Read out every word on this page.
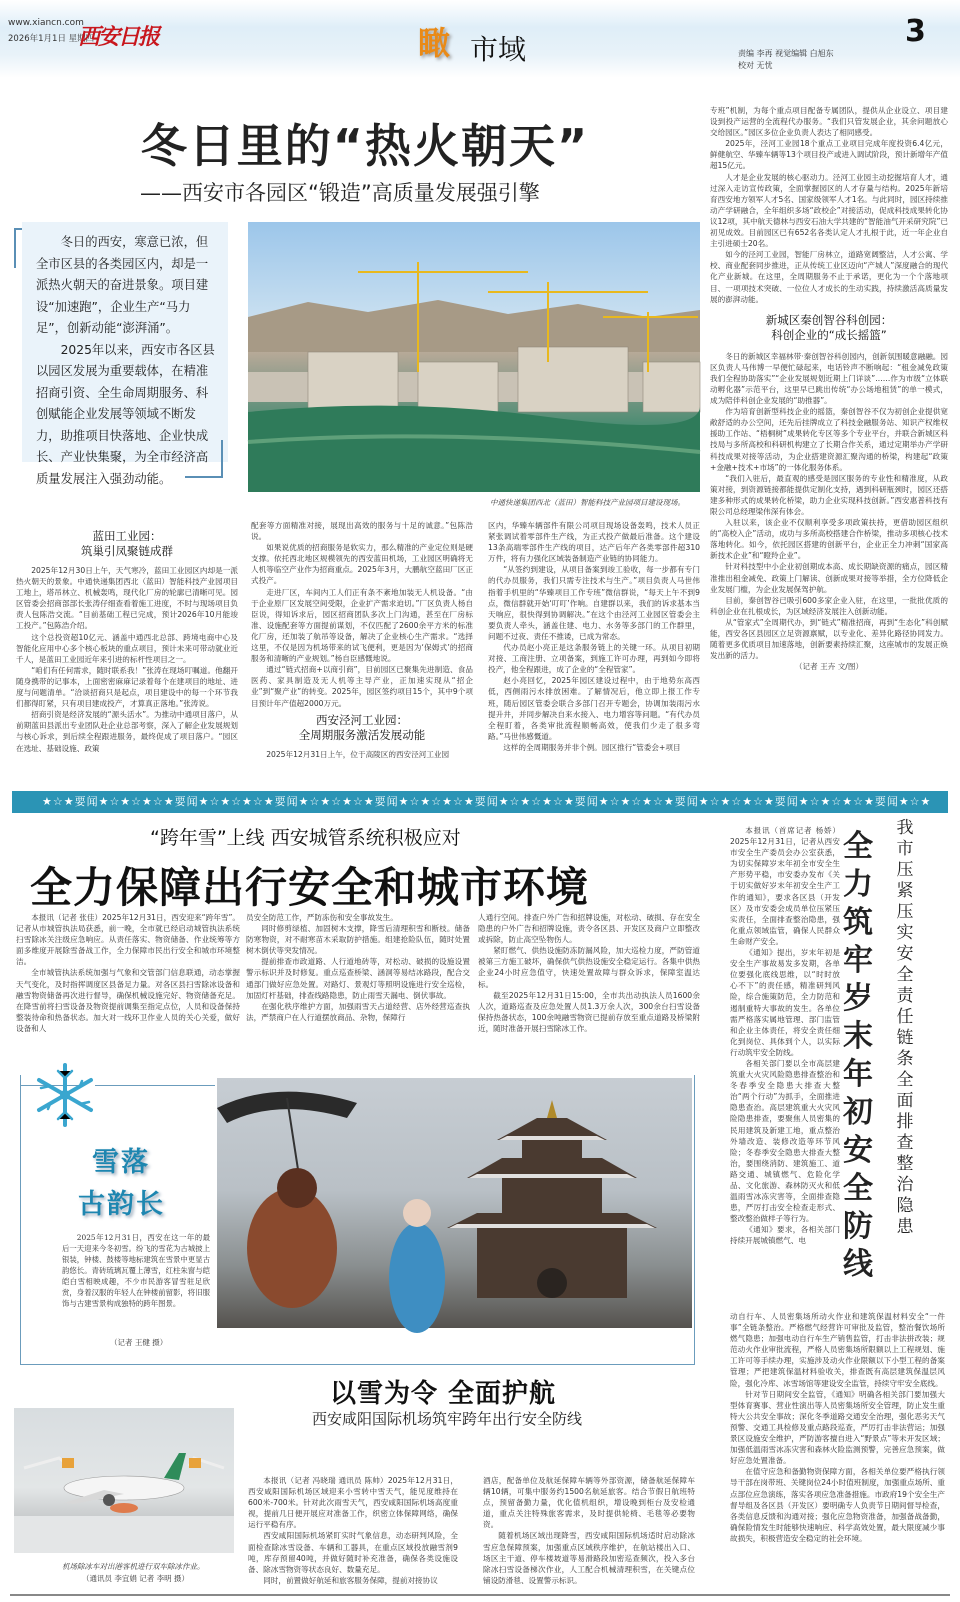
www.xiancn.com
2026年1月1日 星期四
西安日报	瞰 市域	责编 李再 视觉编辑 白旭东
校对 无忧
3
冬日里的“热火朝天”
——西安市各园区“锻造”高质量发展强引擎

冬日的西安，寒意已浓，但全市区县的各类园区内，却是一派热火朝天的奋进景象。项目建设“加速跑”，企业生产“马力足”，创新动能“澎湃涌”。

2025年以来，西安市各区县以园区发展为重要载体，在精准招商引资、全生命周期服务、科创赋能企业发展等领域不断发力，助推项目快落地、企业快成长、产业快集聚，为全市经济高质量发展注入强劲动能。

中通快递集团西北（蓝田）智能科技产业园项目建设现场。
蓝田工业园：
筑巢引凤聚链成群

2025年12月30日上午，天气寒冷，蓝田工业园区内却是一派热火朝天的景象。中通快递集团西北（蓝田）智能科技产业园项目工地上，塔吊林立、机械轰鸣，现代化厂房的轮廓已清晰可见。园区管委会招商部部长张涛仔细查看着施工进度，不时与现场项目负责人包陈浩交流。“目前基础工程已完成，预计2026年10月能竣工投产。”包陈浩介绍。

这个总投资超10亿元、涵盖中通西北总部、跨境电商中心及智能化应用中心多个核心板块的重点项目，预计未来可带动就业近千人，是蓝田工业园近年来引进的标杆性项目之一。

“咱们有任何需求，随时联系我！”张涛在现场叮嘱道。他翻开随身携带的记事本，上面密密麻麻记录着每个在建项目的地址、进度与问题清单。“洽谈招商只是起点，项目建设中的每一个环节我们都得盯紧，只有项目建成投产，才算真正落地。”张涛说。

招商引资是经济发展的“源头活水”。为推动中通项目落户，从前期蓝田县派出专业团队赴企业总部考察，深入了解企业发展规划与核心诉求，到后续全程跟进服务，最终促成了项目落户。“园区在选址、基础设施、政策

配套等方面精准对接，展现出高效的服务与十足的诚意。”包陈浩说。

如果说优质的招商服务是软实力，那么精准的产业定位则是硬支撑。依托西北地区规模领先的西安蓝田机场，工业园区明确将无人机等临空产业作为招商重点。2025年3月，大鹏航空蓝田厂区正式投产。

走进厂区，车间内工人们正有条不紊地加装无人机设备。“由于企业原厂区发展空间受限，企业扩产需求迫切。”厂区负责人杨自臣说，得知诉求后，园区招商团队多次上门沟通，甚至在厂房标准、设施配套等方面提前谋划，不仅匹配了2600余平方米的标准化厂房，还加装了航吊等设备，解决了企业核心生产需求。“选择这里，不仅是因为机场带来的试飞便利，更是因为‘保姆式’的招商服务和清晰的产业规划。”杨自臣感慨地说。

通过“链式招商+以商引商”，目前园区已聚集先进制造、食品医药、家具制造及无人机等主导产业，正加速实现从“招企业”到“聚产业”的转变。2025年，园区签约项目15个，其中9个项目预计年产值超2000万元。

西安泾河工业园：
全周期服务激活发展动能

2025年12月31日上午，位于高陵区的西安泾河工业园

区内，华臻车辆部件有限公司项目现场设备轰鸣，技术人员正紧张调试着零部件生产线，为正式投产做最后准备。这个建设13条高端零部件生产线的项目，达产后年产各类零部件超310万件，将有力强化区域装备制造产业链的协同能力。

“从签约到建设，从项目备案到竣工验收，每一步都有专门的代办员服务，我们只需专注技术与生产。”项目负责人马世伟指着手机里的“华臻项目工作专班”微信群说，“每天上午不到9点，微信群就开始‘叮叮’作响。自建群以来，我们的诉求基本当天响应，很快得到协调解决。”在这个由泾河工业园区管委会主要负责人牵头，涵盖住建、电力、水务等多部门的工作群里，问题不过夜、责任不推诿，已成为常态。

代办员赵小亮正是这条服务链上的关键一环。从项目初期对接、工商注册、立项备案，到施工许可办理，再到如今即将投产，他全程跟进，成了企业的“全程管家”。

赵小亮回忆，2025年园区建设过程中，由于地势东高西低，西侧雨污水排放困难。了解情况后，他立即上报工作专班，随后园区管委会联合多部门召开专题会，协调加装雨污水提升井，并同步解决自来水接入、电力增容等问题。“有代办员全程盯着，各类审批流程顺畅高效，使我们少走了很多弯路。”马世伟感慨道。

这样的全周期服务并非个例。园区推行“管委会+项目

专班”机制，为每个重点项目配备专属团队，提供从企业设立、项目建设到投产运营的全流程代办服务。“我们只管发展企业，其余问题放心交给园区。”园区多位企业负责人表达了相同感受。

2025年，泾河工业园18个重点工业项目完成年度投资6.4亿元，鲜健航空、华臻车辆等13个项目投产或进入调试阶段，预计新增年产值超15亿元。

人才是企业发展的核心驱动力。泾河工业园主动挖掘培育人才，通过深入走访宣传政策，全面掌握园区的人才存量与结构。2025年新培育西安地方领军人才5名、国家级领军人才1名。与此同时，园区持续推动产学研融合，全年组织多场“政校企”对接活动，促成科技成果转化协议12项，其中航天德林与西安石油大学共建的“智能油气开采研究院”已初见成效。目前园区已有652名各类认定人才扎根于此，近一年企业自主引进硕士20名。

如今的泾河工业园，智能厂房林立，道路宽阔整洁，人才公寓、学校、商业配套同步推进，正从传统工业区迈向“产城人”深度融合的现代化产业新城。在这里，全周期服务不止于承诺，更化为一个个落地项目、一项项技术突破、一位位人才成长的生动实践，持续激活高质量发展的澎湃动能。

新城区秦创智谷科创园：
科创企业的“成长摇篮”

冬日的新城区幸福林带·秦创智谷科创园内，创新氛围暖意融融。园区负责人马伟博一早便忙碌起来，电话铃声不断响起：“租金减免政策我们全程协助落实”“企业发展规划近期上门详谈”……作为市级“立体联动孵化器”示范平台，这里早已跳出传统“办公场地租赁”的单一模式，成为陪伴科创企业发展的“助推器”。

作为培育创新型科技企业的摇篮，秦创智谷不仅为初创企业提供宽敞舒适的办公空间，还先后挂牌成立了科技金融服务站、知识产权维权援助工作站、“梧桐树”成果转化专区等多个专业平台，并联合新城区科技局与多所高校和科研机构建立了长期合作关系，通过定期举办产学研科技成果对接等活动，为企业搭建资源汇聚沟通的桥梁，构建起“政策+金融+技术+市场”的一体化服务体系。

“我们入驻后，最直观的感受是园区服务的专业性和精准度，从政策对接，到资源链接都能提供定制化支持，遇到科研瓶颈时，园区还搭建多种形式的成果转化桥梁，助力企业实现科技创新。”西安惠普科技有限公司总经理梁伟深有体会。

入驻以来，该企业不仅顺利享受多项政策扶持，更借助园区组织的“高校入企”活动，成功与多所高校搭建合作桥梁，推动多项核心技术落地转化。如今，依托园区搭建的创新平台，企业正全力冲刺“国家高新技术企业”和“瞪羚企业”。

针对科技型中小企业初创期成本高、成长期缺资源的痛点，园区精准推出租金减免、政策上门解读、创新成果对接等举措，全方位降低企业发展门槛，为企业发展保驾护航。

目前，秦创智谷已吸引600多家企业入驻，在这里，一批批优质的科创企业在扎根成长，为区域经济发展注入创新动能。

从“管家式”全周期代办，到“链式”精准招商，再到“生态化”科创赋能，西安各区县园区立足资源禀赋，以专业化、差异化路径协同发力。随着更多优质项目加速落地，创新要素持续汇聚，这座城市的发展正焕发出新的活力。

（记者 王卉 文/图）
★☆★要闻★☆★☆★☆★要闻★☆★☆★☆★要闻★☆★☆★☆★要闻★☆★☆★☆★要闻★☆★☆★☆★要闻★☆★☆★☆★要闻★☆★☆★☆★要闻★☆★☆★☆★要闻★☆★
“跨年雪”上线 西安城管系统积极应对
全力保障出行安全和城市环境

本报讯（记者 张佳）2025年12月31日，西安迎来“跨年雪”。记者从市城管执法局获悉，前一晚，全市就已经启动城管执法系统扫雪除冰关注级应急响应。从责任落实、物资储备、作业统筹等方面多维度开展除雪备战工作，全力保障市民出行安全和城市环境整洁。

全市城管执法系统加强与气象和交管部门信息联通，动态掌握天气变化，及时指挥调度区县备足力量。对各区县扫雪除冰设备和融雪物资储备再次进行督导，确保机械设施完好、物资储备充足。在降雪前将扫雪设备及物资提前调集至指定点位，人员和设备保持整装待命和热备状态。加大对一线环卫作业人员的关心关爱，做好设备和人

员安全防范工作，严防冻伤和安全事故发生。

同时修剪绿植、加固树木支撑，降雪后清理积雪和断枝。储备防寒物资，对不耐寒苗木采取防护措施。组建抢险队伍，随时处置树木倒伏等突发情况。

提前排查市政道路、人行道地砖等，对松动、破损的设施设置警示标识并及时修复。重点巡查桥梁、涵洞等易结冰路段，配合交通部门做好应急处置。对路灯、景观灯等照明设施进行安全巡检，加固灯杆基础，排查线路隐患，防止雨雪天漏电、倒伏事故。

在强化秩序维护方面，加强雨雪天占道经营、店外经营巡查执法，严禁商户在人行道摆放商品、杂物，保障行

人通行空间。排查户外广告和招牌设施，对松动、破损、存在安全隐患的户外广告和招牌设施，责令各区县、开发区及商户立即整改或拆除，防止高空坠物伤人。

紧盯燃气、供热设施防冻防漏风险，加大巡检力度，严防管道被第三方施工破坏，确保供气供热设施安全稳定运行。各集中供热企业24小时应急值守，快速处置故障与群众诉求，保障室温达标。

截至2025年12月31日15:00，全市共出动执法人员1600余人次，道路巡查及应急处置人员1.3万余人次，300余台扫雪设备保持热备状态，100余吨融雪物资已提前存放至重点道路及桥梁附近，随时准备开展扫雪除冰工作。

雪落
古韵长

2025年12月31日，西安在这一年的最后一天迎来今冬初雪。纷飞的雪花为古城披上银装，钟楼、鼓楼等地标建筑在雪景中更显古韵悠长。青砖琉璃瓦覆上薄雪，红柱朱窗与皑皑白雪相映成趣，不少市民游客冒雪驻足欣赏，身着汉服的年轻人在钟楼前留影，将旧服饰与古建雪景构成独特的跨年图景。

（记者 王健 摄）
机场除冰车对出港客机进行双车除冰作业。
（通讯员 李宜娟 记者 李明 摄）
以雪为令 全面护航
西安咸阳国际机场筑牢跨年出行安全防线

本报讯（记者 冯晓瑞 通讯员 陈帅）2025年12月31日，西安咸阳国际机场区域迎来小雪转中雪天气，能见度维持在600米-700米。针对此次雨雪天气，西安咸阳国际机场高度重视，提前几日便开展应对准备工作，织密立体保障网络，确保运行平稳有序。

西安咸阳国际机场紧盯实时气象信息，动态研判风险，全面检查除冰雪设备、车辆和工器具，在重点区域投放融雪剂9吨，库存预留40吨，并做好随时补充准备，确保各类设施设备、除冰雪物资等状态良好、数量充足。

同时，前置做好航延和旅客服务保障，提前对接协议

酒店，配备单位及航延保障车辆等外部资源，储备航延保障车辆10辆，可集中服务约1500名航延旅客。结合节假日航班特点，预留备勤力量，优化值机组织，增设晚到柜台及安检通道，重点关注特殊旅客需求，及时提供轮椅、毛毯等必要物资。

随着机场区域出现降雪，西安咸阳国际机场适时启动除冰雪应急保障预案，加强重点区域秩序维护，在航站楼出入口、场区主干道、停车楼坡道等易滑路段加密巡查频次，投入多台除冰扫雪设备梯次作业，人工配合机械清理积雪，在关键点位铺设防滑毯、设置警示标识。

我市压紧压实安全责任链条 全面排查整治隐患
全力筑牢岁末年初安全防线

本报讯（首席记者 杨娇）2025年12月31日，记者从西安市安全生产委员会办公室获悉，为切实保障岁末年初全市安全生产形势平稳，市安委办发布《关于切实做好岁末年初安全生产工作的通知》，要求各区县（开发区）及市安委会成员单位压紧压实责任，全面排查整治隐患，强化重点领域监管，确保人民群众生命财产安全。

《通知》提出，岁末年初是安全生产事故易发多发期，各单位要强化底线思维，以“时时放心不下”的责任感，精准研判风险，综合施策防范，全力防范和遏制重特大事故的发生。各单位需严格落实属地管理、部门监管和企业主体责任，将安全责任细化到岗位、具体到个人，以实际行动筑牢安全防线。

各相关部门要以全市高层建筑重大火灾风险隐患排查整治和冬春季安全隐患大排查大整治“两个行动”为抓手，全面推进隐患查治。高层建筑重大火灾风险隐患排查，要聚焦人员密集的民用建筑及新建工地，重点整治外墙改造、装修改造等环节风险；冬春季安全隐患大排查大整治，要围绕消防、建筑施工、道路交通、城镇燃气、危险化学品、文化旅游、森林防灭火和低温雨雪冰冻灾害等，全面排查隐患，严厉打击安全检查走形式、整改整治做样子等行为。

《通知》要求，各相关部门持续开展城镇燃气、电

动自行车、人员密集场所动火作业和建筑保温材料安全“一件事”全链条整治。严格燃气经营许可审批及监管，整治餐饮场所燃气隐患；加强电动自行车生产销售监管，打击非法拼改装；规范动火作业审批流程，严格人员密集场所限额以上工程规划、施工许可等手续办理，实施涉及动火作业限额以下小型工程的备案管理；严把建筑保温材料验收关，排查既有高层建筑保温层风险，强化冷库、冰雪场馆等建设安全监管，持续守牢安全底线。

针对节日期间安全监管，《通知》明确各相关部门要加强大型体育赛事、营业性演出等人员密集场所安全管理，防止发生重特大公共安全事故；深化冬季道路交通安全治理，强化恶劣天气预警、交通工具检修及重点路段巡查，严厉打击非法营运；加强景区设施安全维护，严防游客擅自进入“野景点”等未开发区域；加强低温雨雪冰冻灾害和森林火险监测预警，完善应急预案，做好应急处置准备。

在值守应急和备勤物资保障方面，各相关单位要严格执行领导干部在岗带班、关键岗位24小时值班制度，加强重点场所、重点部位应急演练，落实各项应急准备措施。市政府19个安全生产督导组及各区县（开发区）要明确专人负责节日期间督导检查，各类信息反馈和沟通对接；强化应急物资准备，加强备战备勤，确保险情发生时能够快速响应、科学高效处置，最大限度减少事故损失，积极营造安全稳定的社会环境。
